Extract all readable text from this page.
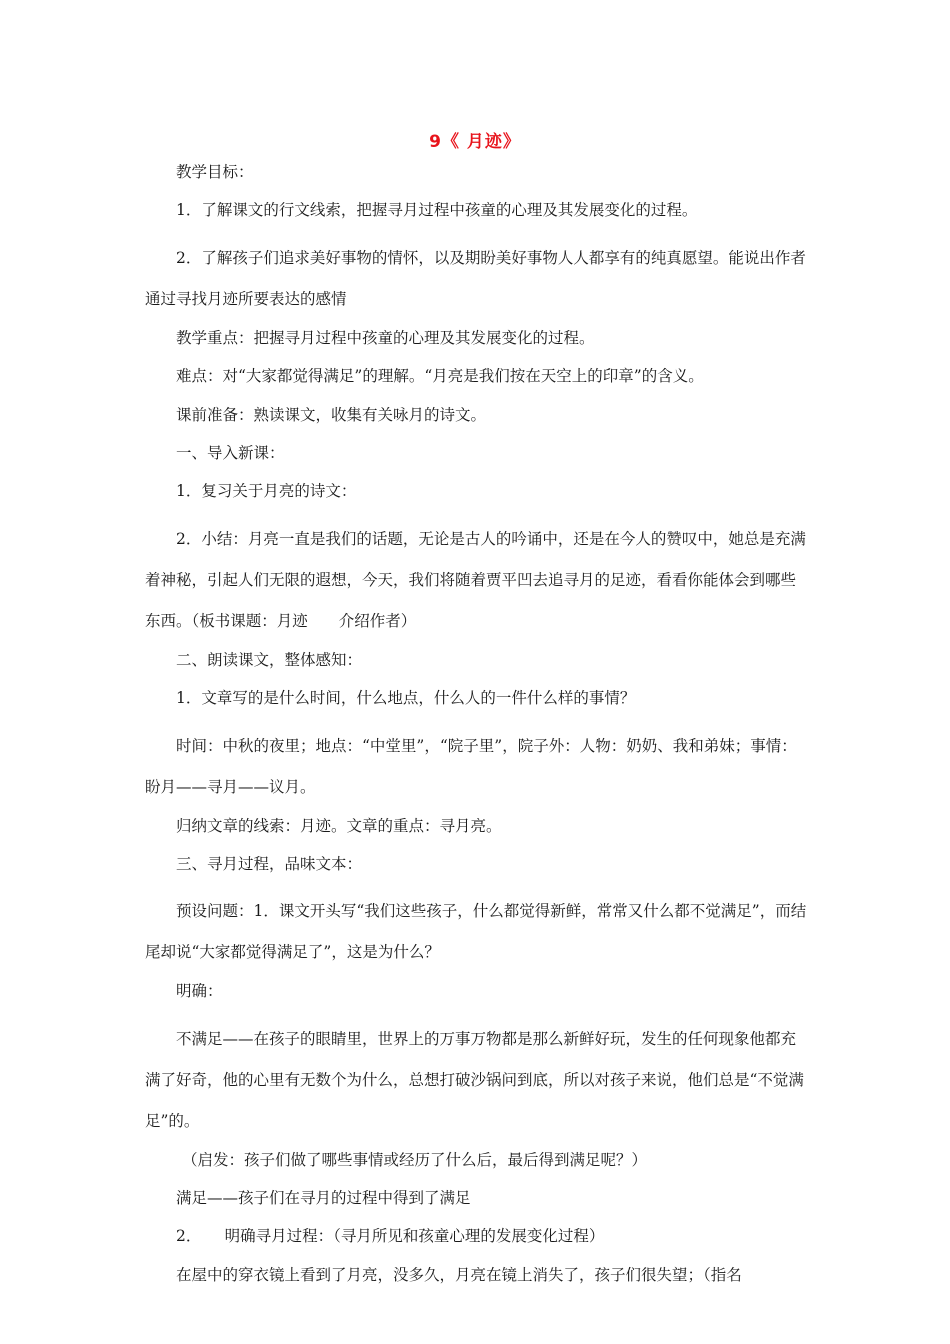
9《 月迹》

教学目标：

1．了解课文的行文线索，把握寻月过程中孩童的心理及其发展变化的过程。

2．了解孩子们追求美好事物的情怀，以及期盼美好事物人人都享有的纯真愿望。能说出作者通过寻找月迹所要表达的感情

教学重点：把握寻月过程中孩童的心理及其发展变化的过程。

难点：对“大家都觉得满足”的理解。“月亮是我们按在天空上的印章”的含义。

课前准备：熟读课文，收集有关咏月的诗文。

一、导入新课：

1．复习关于月亮的诗文：

2．小结：月亮一直是我们的话题，无论是古人的吟诵中，还是在今人的赞叹中，她总是充满着神秘，引起人们无限的遐想，今天，我们将随着贾平凹去追寻月的足迹，看看你能体会到哪些东西。（板书课题：月迹　　介绍作者）

二、朗读课文，整体感知：

1．文章写的是什么时间，什么地点，什么人的一件什么样的事情？

时间：中秋的夜里；地点：“中堂里”，“院子里”，院子外：人物：奶奶、我和弟妹；事情：盼月——寻月——议月。

归纳文章的线索：月迹。文章的重点：寻月亮。

三、寻月过程，品味文本：

预设问题：1．课文开头写“我们这些孩子，什么都觉得新鲜，常常又什么都不觉满足”，而结尾却说“大家都觉得满足了”，这是为什么？

明确：

不满足——在孩子的眼睛里，世界上的万事万物都是那么新鲜好玩，发生的任何现象他都充满了好奇，他的心里有无数个为什么，总想打破沙锅问到底，所以对孩子来说，他们总是“不觉满足”的。

（启发：孩子们做了哪些事情或经历了什么后，最后得到满足呢？）

满足——孩子们在寻月的过程中得到了满足

2．　　明确寻月过程：（寻月所见和孩童心理的发展变化过程）

在屋中的穿衣镜上看到了月亮，没多久，月亮在镜上消失了，孩子们很失望；（指名
